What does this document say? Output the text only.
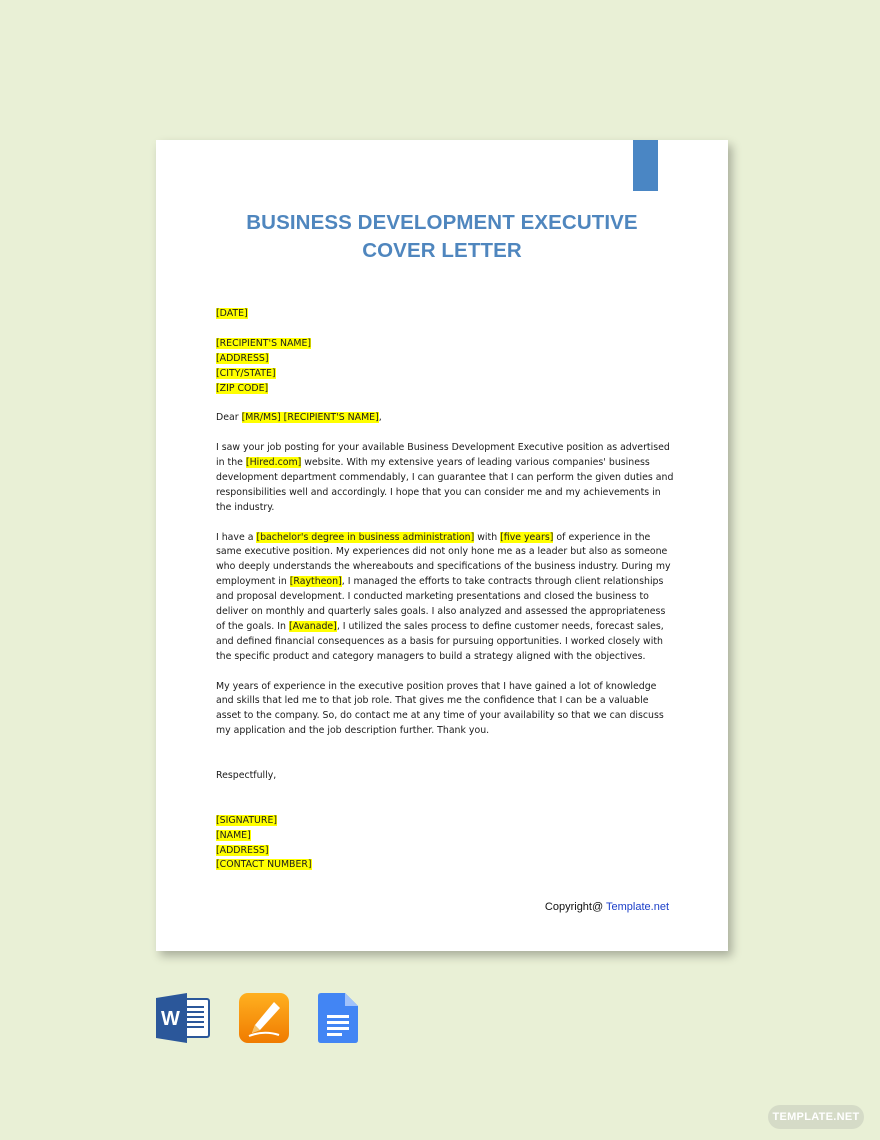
BUSINESS DEVELOPMENT EXECUTIVE
COVER LETTER

[DATE]

[RECIPIENT'S NAME]

[ADDRESS]

[CITY/STATE]

[ZIP CODE]

Dear [MR/MS] [RECIPIENT'S NAME],

I saw your job posting for your available Business Development Executive position as advertised in the [Hired.com] website. With my extensive years of leading various companies' business development department commendably, I can guarantee that I can perform the given duties and responsibilities well and accordingly. I hope that you can consider me and my achievements in the industry.

I have a [bachelor's degree in business administration] with [five years] of experience in the same executive position. My experiences did not only hone me as a leader but also as someone who deeply understands the whereabouts and specifications of the business industry. During my employment in [Raytheon], I managed the efforts to take contracts through client relationships and proposal development. I conducted marketing presentations and closed the business to deliver on monthly and quarterly sales goals. I also analyzed and assessed the appropriateness of the goals. In [Avanade], I utilized the sales process to define customer needs, forecast sales, and defined financial consequences as a basis for pursuing opportunities. I worked closely with the specific product and category managers to build a strategy aligned with the objectives.

My years of experience in the executive position proves that I have gained a lot of knowledge and skills that led me to that job role. That gives me the confidence that I can be a valuable asset to the company. So, do contact me at any time of your availability so that we can discuss my application and the job description further. Thank you.

Respectfully,

[SIGNATURE]

[NAME]

[ADDRESS]

[CONTACT NUMBER]

Copyright@ Template.net
W
TEMPLATE.NET
